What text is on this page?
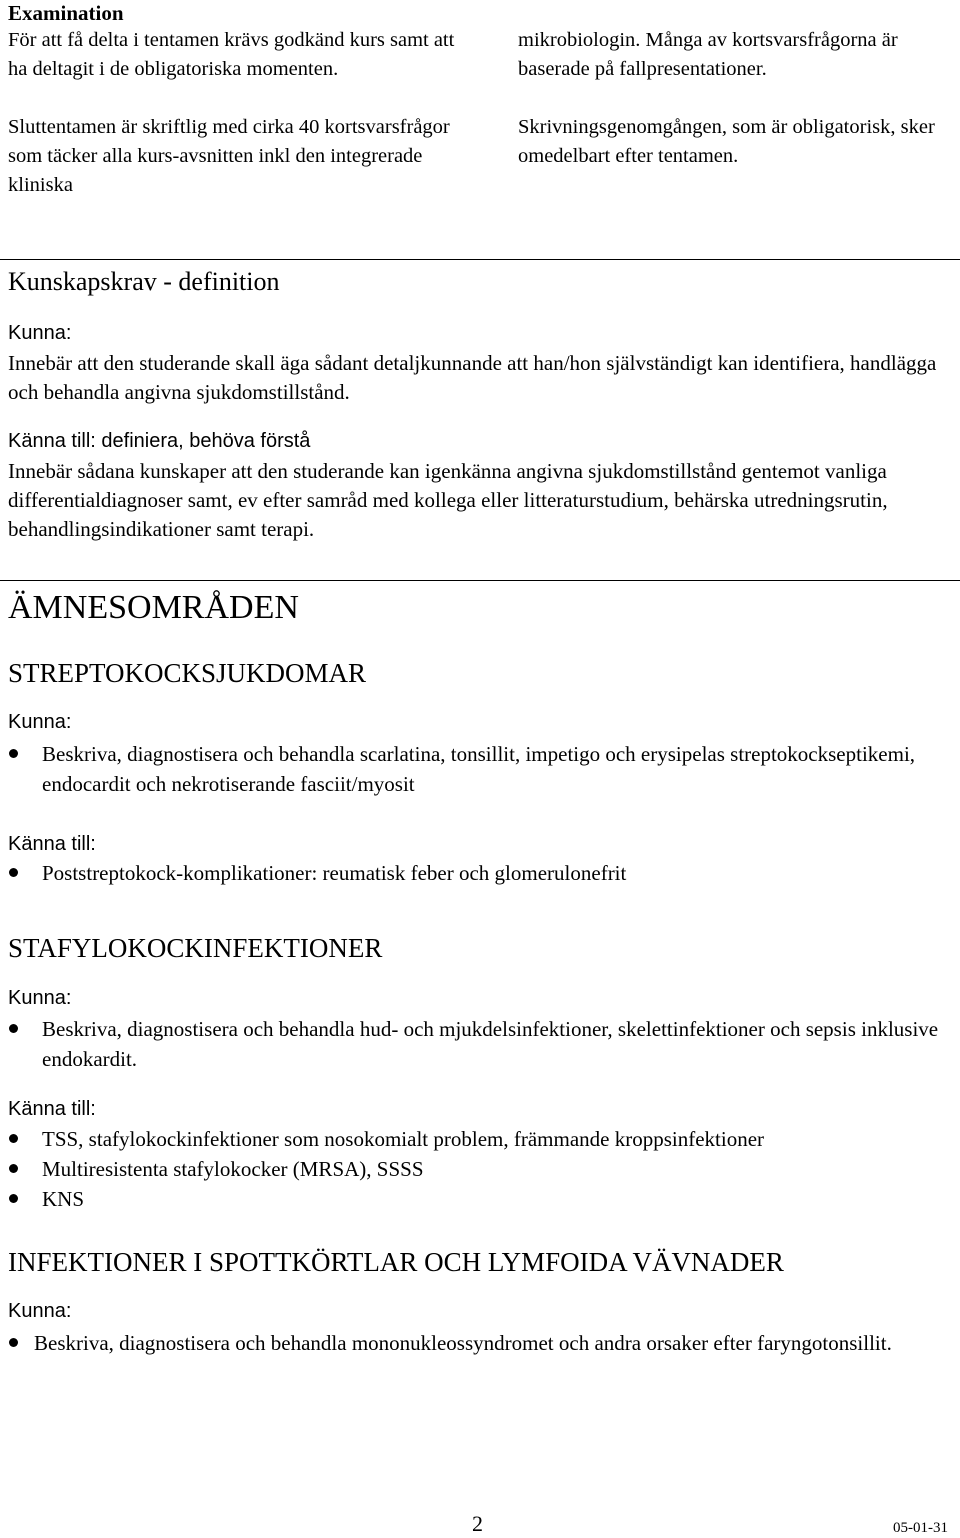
Examination

För att få delta i tentamen krävs godkänd kurs samt att ha deltagit i de obligatoriska momenten.

Sluttentamen är skriftlig med cirka 40 kortsvarsfrågor som täcker alla kurs-avsnitten inkl den integrerade kliniska

mikrobiologin. Många av kortsvarsfrågorna är baserade på fallpresentationer.

Skrivningsgenomgången, som är obligatorisk, sker omedelbart efter tentamen.

Kunskapskrav - definition
Kunna:

Innebär att den studerande skall äga sådant detaljkunnande att han/hon självständigt kan identifiera, handlägga och behandla angivna sjukdomstillstånd.

Känna till: definiera, behöva förstå

Innebär sådana kunskaper att den studerande kan igenkänna angivna sjukdomstillstånd gentemot vanliga differentialdiagnoser samt, ev efter samråd med kollega eller litteraturstudium, behärska utredningsrutin, behandlingsindikationer samt terapi.

ÄMNESOMRÅDEN
STREPTOKOCKSJUKDOMAR
Kunna:
Beskriva, diagnostisera och behandla scarlatina, tonsillit, impetigo och erysipelas streptokockseptikemi, endocardit och nekrotiserande fasciit/myosit
Känna till:
Poststreptokock-komplikationer: reumatisk feber och glomerulonefrit
STAFYLOKOCKINFEKTIONER
Kunna:
Beskriva, diagnostisera och behandla hud- och mjukdelsinfektioner, skelettinfektioner och sepsis inklusive endokardit.
Känna till:
TSS, stafylokockinfektioner som nosokomialt problem, främmande kroppsinfektioner
Multiresistenta stafylokocker (MRSA), SSSS
KNS
INFEKTIONER I SPOTTKÖRTLAR OCH LYMFOIDA VÄVNADER
Kunna:
Beskriva, diagnostisera och behandla mononukleossyndromet och andra orsaker efter faryngotonsillit.
2	05-01-31
